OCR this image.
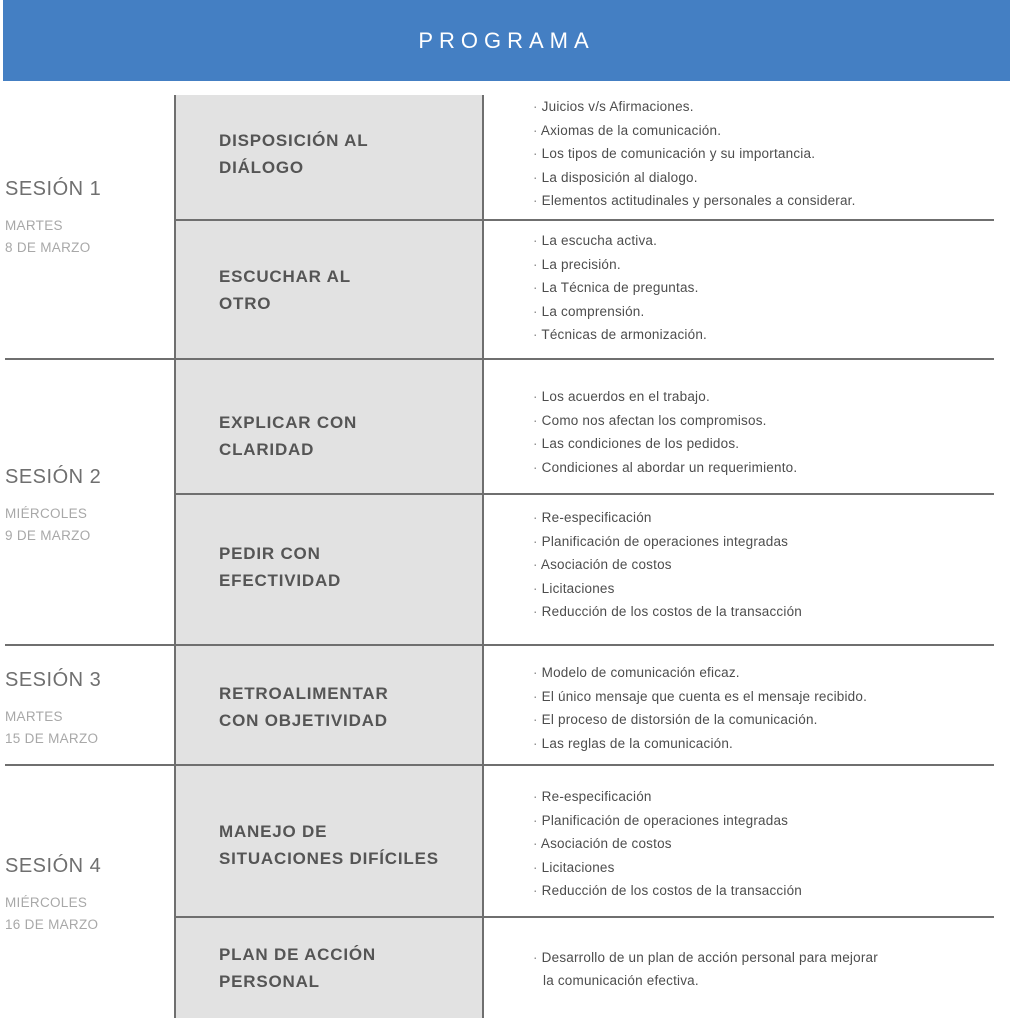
PROGRAMA
SESIÓN 1
MARTES
8 DE MARZO
SESIÓN 2
MIÉRCOLES
9 DE MARZO
SESIÓN 3
MARTES
15 DE MARZO
SESIÓN 4
MIÉRCOLES
16 DE MARZO
DISPOSICIÓN AL
DIÁLOGO
ESCUCHAR AL
OTRO
EXPLICAR CON
CLARIDAD
PEDIR CON
EFECTIVIDAD
RETROALIMENTAR
CON OBJETIVIDAD
MANEJO DE
SITUACIONES DIFÍCILES
PLAN DE ACCIÓN
PERSONAL
· Juicios v/s Afirmaciones.
· Axiomas de la comunicación.
· Los tipos de comunicación y su importancia.
· La disposición al dialogo.
· Elementos actitudinales y personales a considerar.
· La escucha activa.
· La precisión.
· La Técnica de preguntas.
· La comprensión.
· Técnicas de armonización.
· Los acuerdos en el trabajo.
· Como nos afectan los compromisos.
· Las condiciones de los pedidos.
· Condiciones al abordar un requerimiento.
· Re-especificación
· Planificación de operaciones integradas
· Asociación de costos
· Licitaciones
· Reducción de los costos de la transacción
· Modelo de comunicación eficaz.
· El único mensaje que cuenta es el mensaje recibido.
· El proceso de distorsión de la comunicación.
· Las reglas de la comunicación.
· Re-especificación
· Planificación de operaciones integradas
· Asociación de costos
· Licitaciones
· Reducción de los costos de la transacción
· Desarrollo de un plan de acción personal para mejorar
la comunicación efectiva.
